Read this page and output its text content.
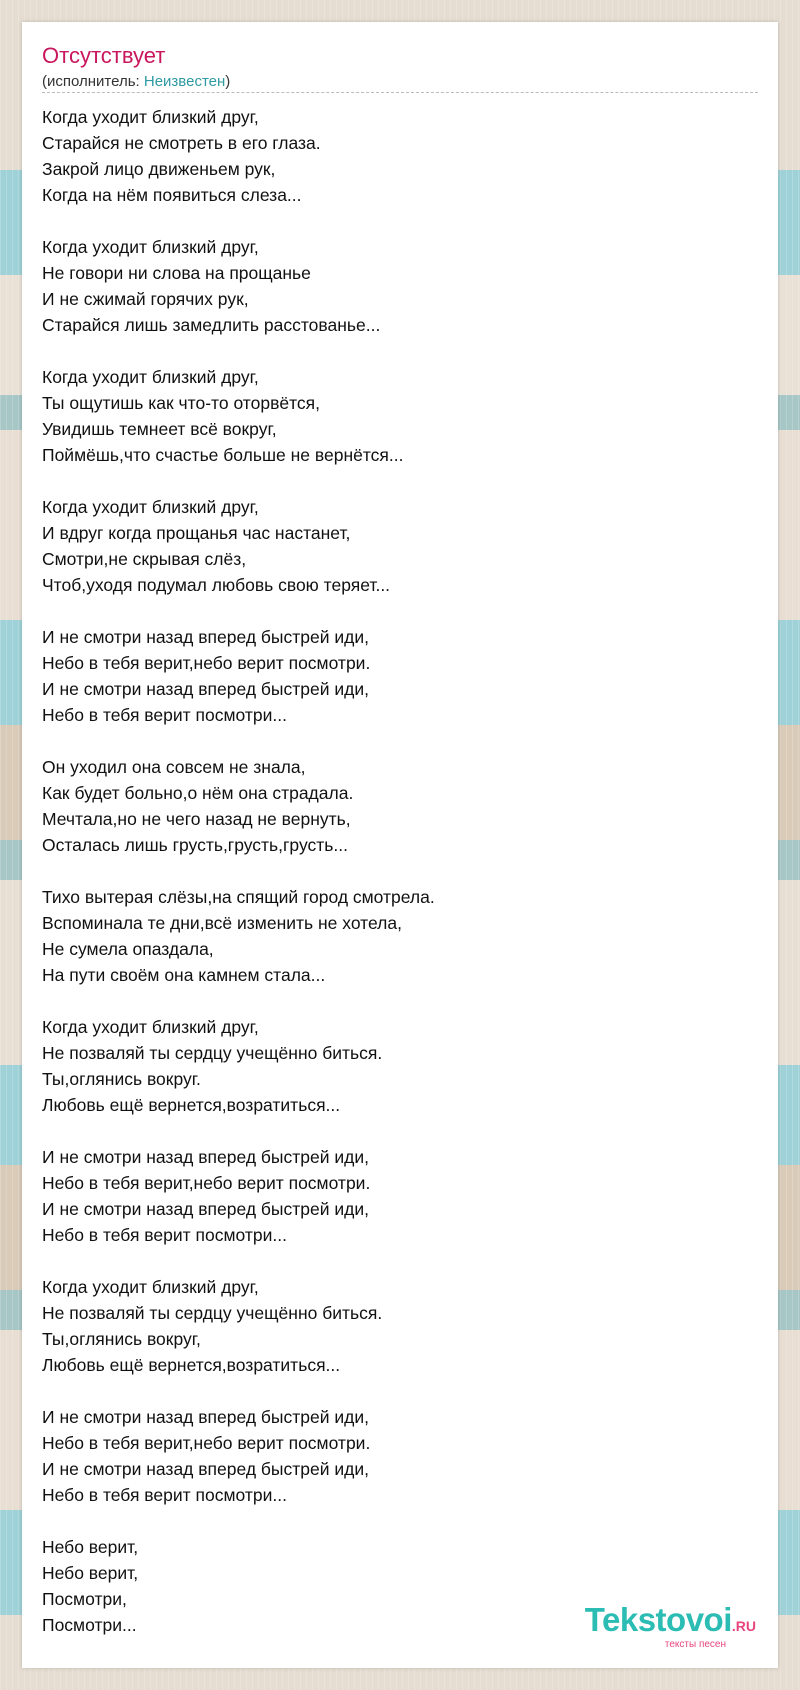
Отсутствует
(исполнитель: Неизвестен)
Когда уходит близкий друг,
Старайся не смотреть в его глаза.
Закрой лицо движеньем рук,
Когда на нём появиться слеза...
Когда уходит близкий друг,
Не говори ни слова на прощанье
И не сжимай горячих рук,
Старайся лишь замедлить расстованье...
Когда уходит близкий друг,
Ты ощутишь как что-то оторвётся,
Увидишь темнеет всё вокруг,
Поймёшь,что счастье больше не вернётся...
Когда уходит близкий друг,
И вдруг когда прощанья час настанет,
Смотри,не скрывая слёз,
Чтоб,уходя подумал любовь свою теряет...
И не смотри назад вперед быстрей иди,
Небо в тебя верит,небо верит посмотри.
И не смотри назад вперед быстрей иди,
Небо в тебя верит посмотри...
Он уходил она совсем не знала,
Как будет больно,о нём она страдала.
Мечтала,но не чего назад не вернуть,
Осталась лишь грусть,грусть,грусть...
Тихо вытерая слёзы,на спящий город смотрела.
Вспоминала те дни,всё изменить не хотела,
Не сумела опаздала,
На пути своём она камнем стала...
Когда уходит близкий друг,
Не позваляй ты сердцу учещённо биться.
Ты,оглянись вокруг.
Любовь ещё вернется,возратиться...
И не смотри назад вперед быстрей иди,
Небо в тебя верит,небо верит посмотри.
И не смотри назад вперед быстрей иди,
Небо в тебя верит посмотри...
Когда уходит близкий друг,
Не позваляй ты сердцу учещённо биться.
Ты,оглянись вокруг,
Любовь ещё вернется,возратиться...
И не смотри назад вперед быстрей иди,
Небо в тебя верит,небо верит посмотри.
И не смотри назад вперед быстрей иди,
Небо в тебя верит посмотри...
Небо верит,
Небо верит,
Посмотри,
Посмотри...	Tekstovoi.RU
тексты песен
